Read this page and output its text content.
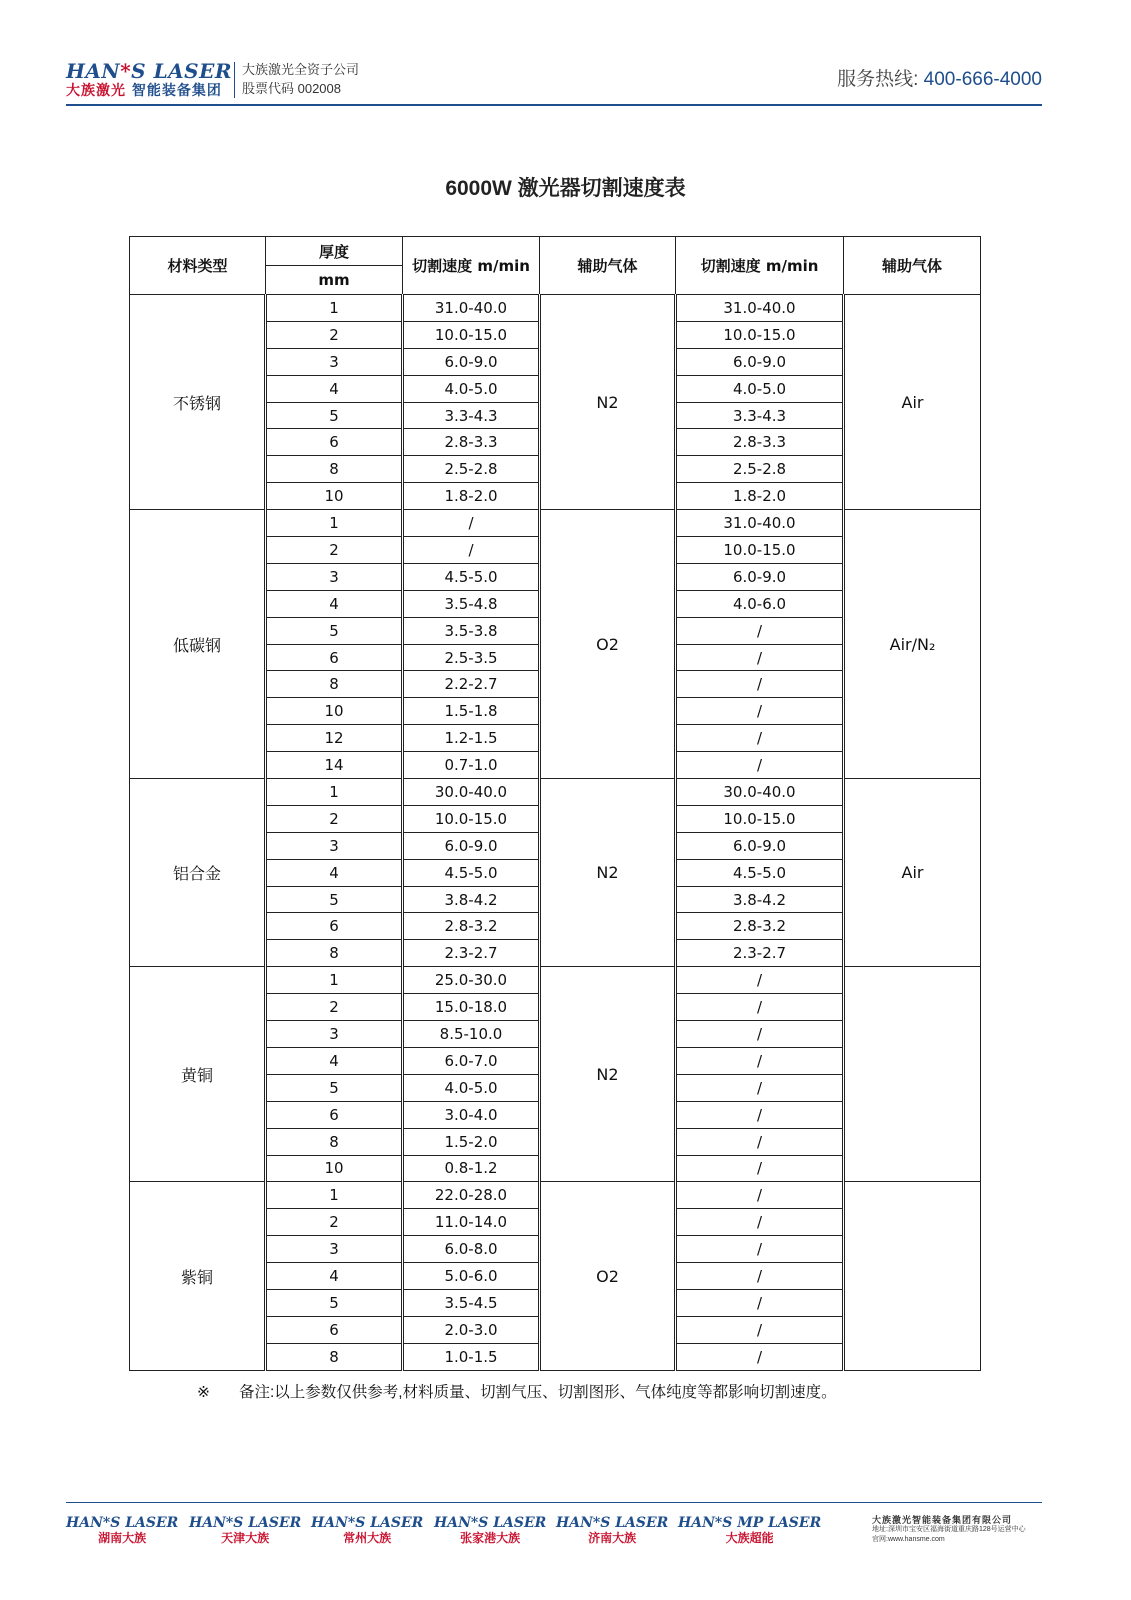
HAN*S LASER
大族激光 智能装备集团
大族激光全资子公司
股票代码 002008	服务热线: 400-666-4000
6000W 激光器切割速度表
材料类型	厚度	切割速度 m/min	辅助气体	切割速度 m/min	辅助气体
	mm				
不锈钢	1	31.0-40.0	N2	31.0-40.0	Air
	2	10.0-15.0		10.0-15.0	
	3	6.0-9.0		6.0-9.0	
	4	4.0-5.0		4.0-5.0	
	5	3.3-4.3		3.3-4.3	
	6	2.8-3.3		2.8-3.3	
	8	2.5-2.8		2.5-2.8	
	10	1.8-2.0		1.8-2.0	
低碳钢	1	/	O2	31.0-40.0	Air/N₂
	2	/		10.0-15.0	
	3	4.5-5.0		6.0-9.0	
	4	3.5-4.8		4.0-6.0	
	5	3.5-3.8		/	
	6	2.5-3.5		/	
	8	2.2-2.7		/	
	10	1.5-1.8		/	
	12	1.2-1.5		/	
	14	0.7-1.0		/	
铝合金	1	30.0-40.0	N2	30.0-40.0	Air
	2	10.0-15.0		10.0-15.0	
	3	6.0-9.0		6.0-9.0	
	4	4.5-5.0		4.5-5.0	
	5	3.8-4.2		3.8-4.2	
	6	2.8-3.2		2.8-3.2	
	8	2.3-2.7		2.3-2.7	
黄铜	1	25.0-30.0	N2	/	
	2	15.0-18.0		/	
	3	8.5-10.0		/	
	4	6.0-7.0		/	
	5	4.0-5.0		/	
	6	3.0-4.0		/	
	8	1.5-2.0		/	
	10	0.8-1.2		/	
紫铜	1	22.0-28.0	O2	/	
	2	11.0-14.0		/	
	3	6.0-8.0		/	
	4	5.0-6.0		/	
	5	3.5-4.5		/	
	6	2.0-3.0		/	
	8	1.0-1.5		/	
※ 备注:以上参数仅供参考,材料质量、切割气压、切割图形、气体纯度等都影响切割速度。
HAN*S LASER
湖南大族
HAN*S LASER
天津大族
HAN*S LASER
常州大族
HAN*S LASER
张家港大族
HAN*S LASER
济南大族
HAN*S MP LASER
大族超能
大族激光智能装备集团有限公司
地址:深圳市宝安区福海街道重庆路128号运营中心
官网:www.hansme.com
